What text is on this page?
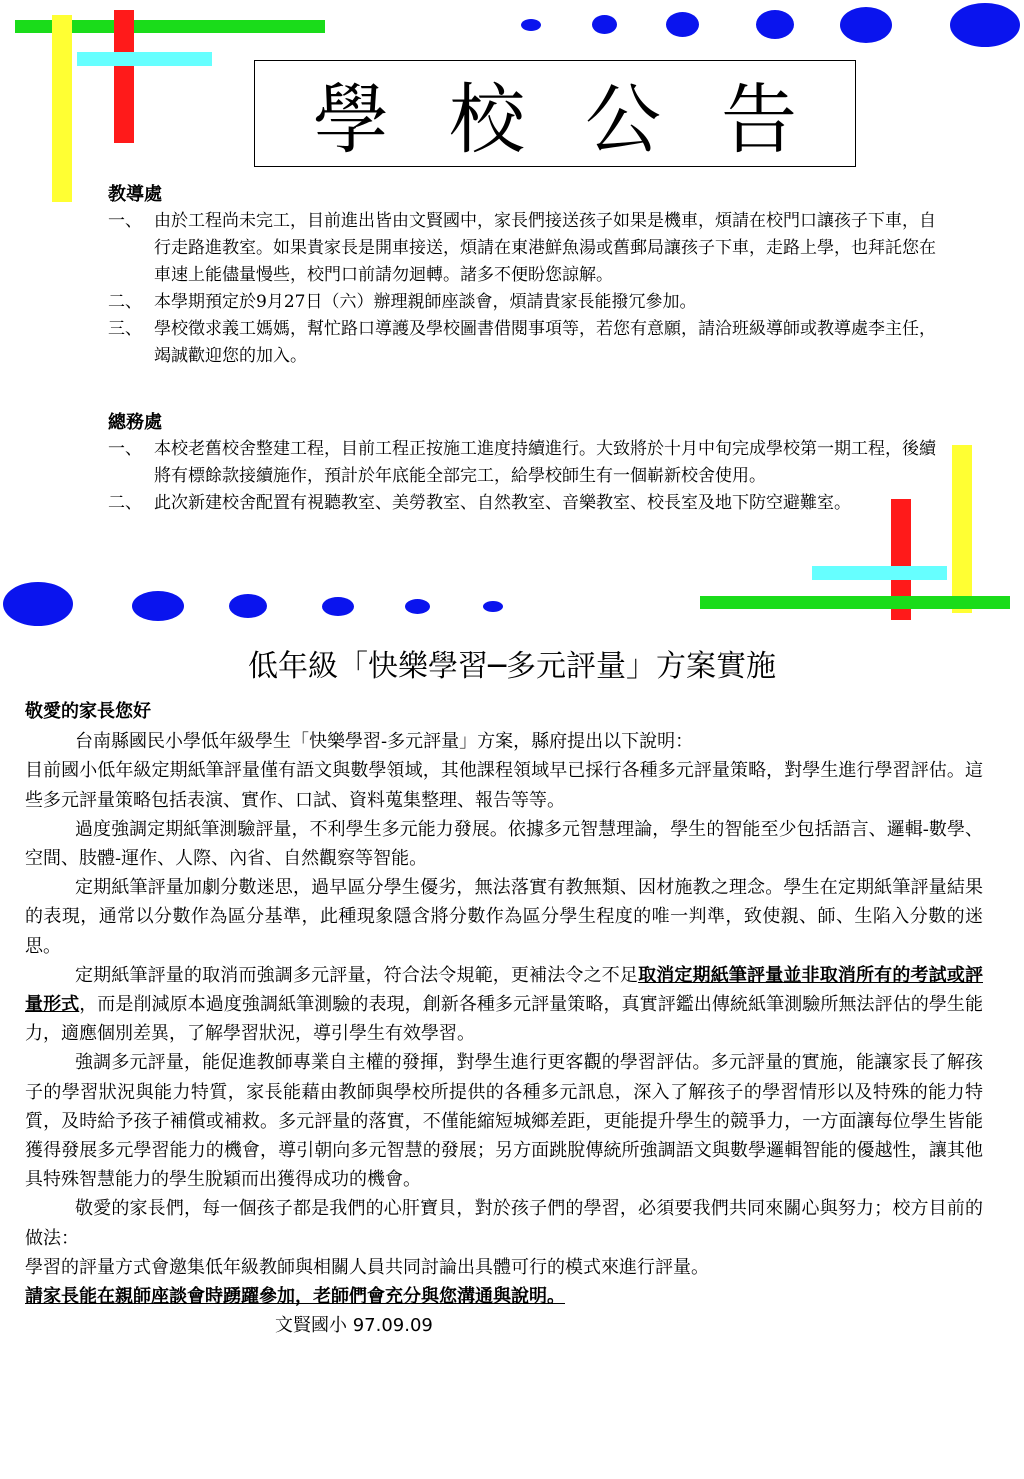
學校公告
教導處
一、 由於工程尚未完工，目前進出皆由文賢國中，家長們接送孩子如果是機車，煩請在校門口讓孩子下車，自行走路進教室。如果貴家長是開車接送，煩請在東港鮮魚湯或舊郵局讓孩子下車，走路上學，也拜託您在車速上能儘量慢些，校門口前請勿迴轉。諸多不便盼您諒解。
二、 本學期預定於9月27日（六）辦理親師座談會，煩請貴家長能撥冗參加。
三、 學校徵求義工媽媽，幫忙路口導護及學校圖書借閱事項等，若您有意願，請洽班級導師或教導處李主任，竭誠歡迎您的加入。
總務處
一、 本校老舊校舍整建工程，目前工程正按施工進度持續進行。大致將於十月中旬完成學校第一期工程，後續將有標餘款接續施作，預計於年底能全部完工，給學校師生有一個嶄新校舍使用。
二、 此次新建校舍配置有視聽教室、美勞教室、自然教室、音樂教室、校長室及地下防空避難室。
低年級「快樂學習─多元評量」方案實施

敬愛的家長您好

台南縣國民小學低年級學生「快樂學習-多元評量」方案，縣府提出以下說明：

目前國小低年級定期紙筆評量僅有語文與數學領域，其他課程領域早已採行各種多元評量策略，對學生進行學習評估。這些多元評量策略包括表演、實作、口試、資料蒐集整理、報告等等。

過度強調定期紙筆測驗評量，不利學生多元能力發展。依據多元智慧理論，學生的智能至少包括語言、邏輯-數學、空間、肢體-運作、人際、內省、自然觀察等智能。

定期紙筆評量加劇分數迷思，過早區分學生優劣，無法落實有教無類、因材施教之理念。學生在定期紙筆評量結果的表現，通常以分數作為區分基準，此種現象隱含將分數作為區分學生程度的唯一判準，致使親、師、生陷入分數的迷思。

定期紙筆評量的取消而強調多元評量，符合法令規範，更補法令之不足取消定期紙筆評量並非取消所有的考試或評量形式，而是削減原本過度強調紙筆測驗的表現，創新各種多元評量策略，真實評鑑出傳統紙筆測驗所無法評估的學生能力，適應個別差異，了解學習狀況，導引學生有效學習。

強調多元評量，能促進教師專業自主權的發揮，對學生進行更客觀的學習評估。多元評量的實施，能讓家長了解孩子的學習狀況與能力特質，家長能藉由教師與學校所提供的各種多元訊息，深入了解孩子的學習情形以及特殊的能力特質，及時給予孩子補償或補救。多元評量的落實，不僅能縮短城鄉差距，更能提升學生的競爭力，一方面讓每位學生皆能獲得發展多元學習能力的機會，導引朝向多元智慧的發展；另方面跳脫傳統所強調語文與數學邏輯智能的優越性，讓其他具特殊智慧能力的學生脫穎而出獲得成功的機會。

敬愛的家長們，每一個孩子都是我們的心肝寶貝，對於孩子們的學習，必須要我們共同來關心與努力；校方目前的做法：

學習的評量方式會邀集低年級教師與相關人員共同討論出具體可行的模式來進行評量。

請家長能在親師座談會時踴躍參加，老師們會充分與您溝通與說明。

文賢國小 97.09.09
